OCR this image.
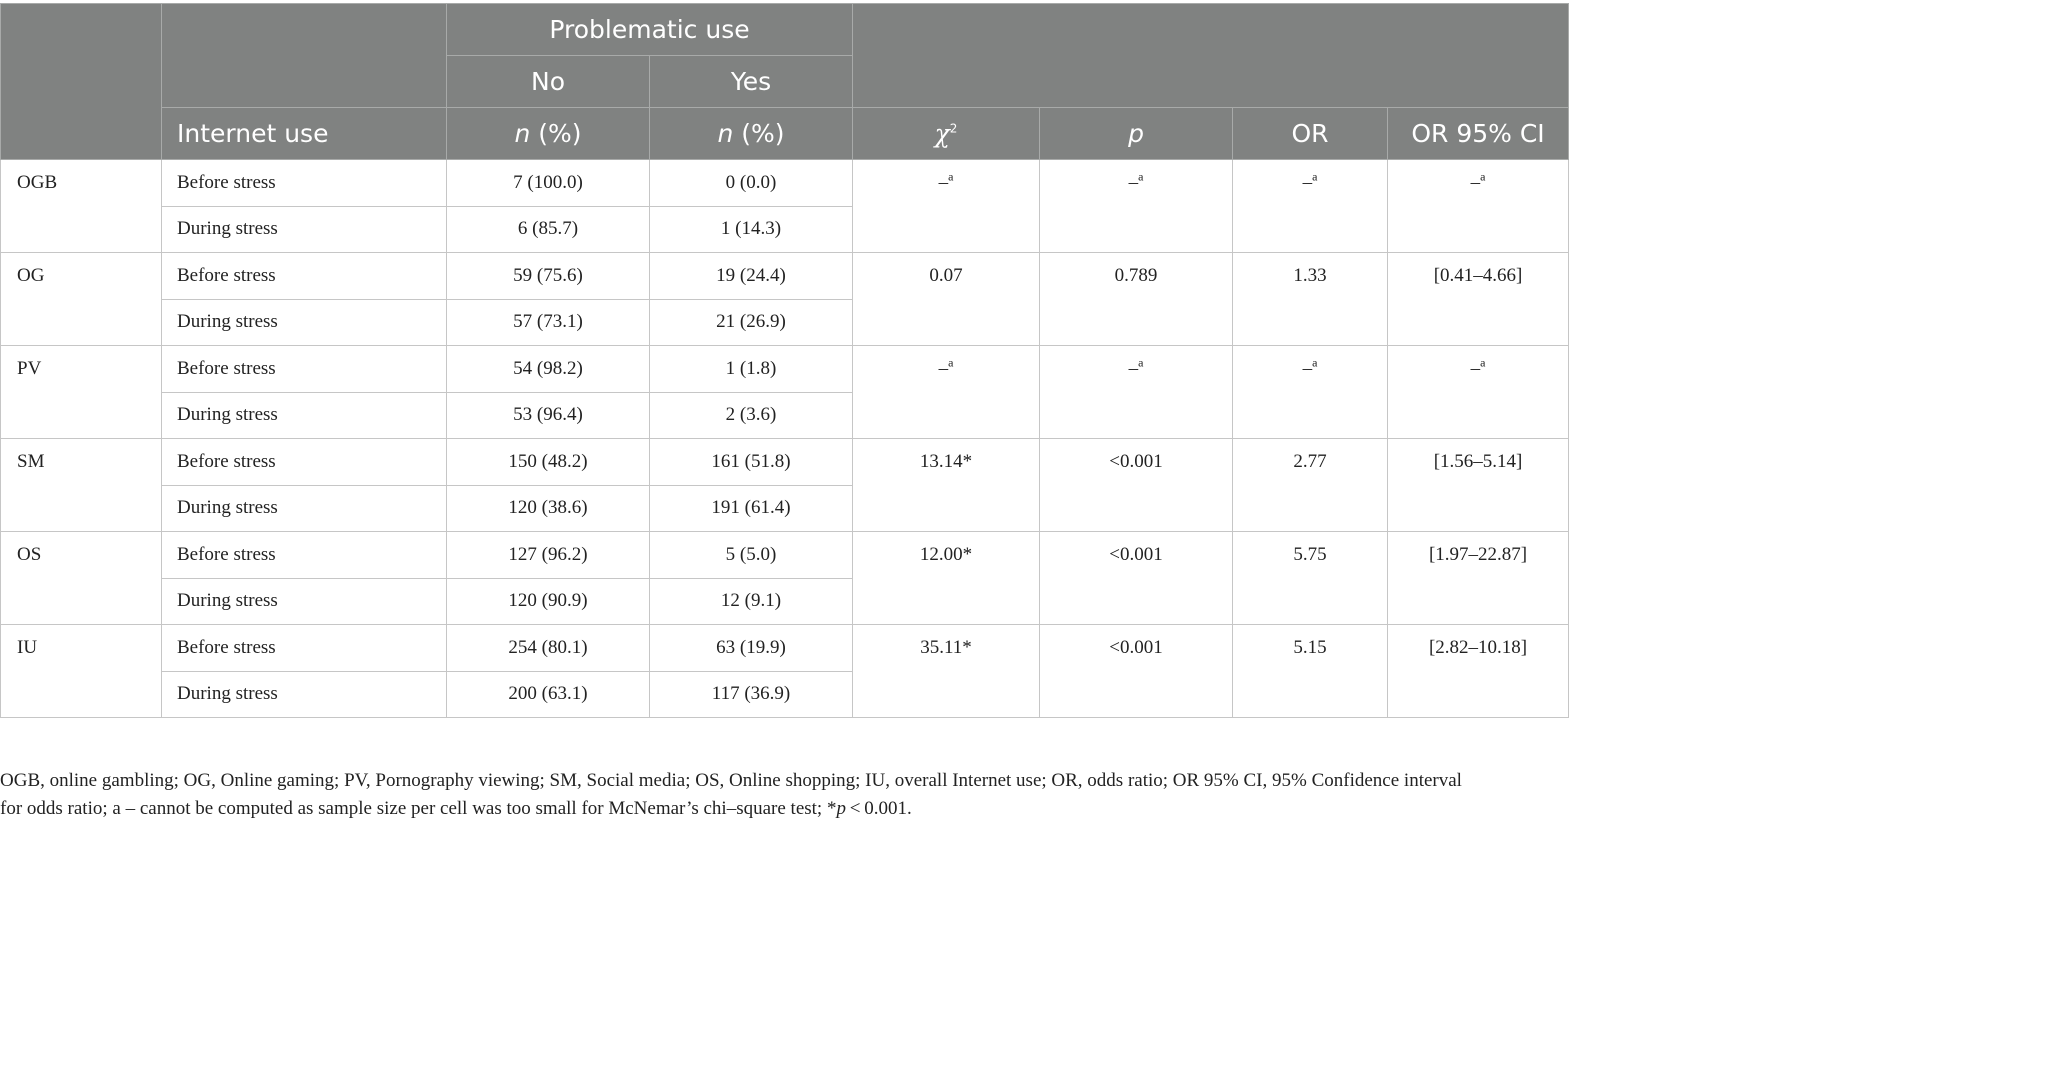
		Problematic use					
		No	Yes				
	Internet use	n (%)	n (%)	$\chi^2$	p	OR	OR 95% CI
OGB	Before stress	7 (100.0)	0 (0.0)	–$^a$	–$^a$	–$^a$	–$^a$
	During stress	6 (85.7)	1 (14.3)				
OG	Before stress	59 (75.6)	19 (24.4)	0.07	0.789	1.33	[0.41–4.66]
	During stress	57 (73.1)	21 (26.9)				
PV	Before stress	54 (98.2)	1 (1.8)	–$^a$	–$^a$	–$^a$	–$^a$
	During stress	53 (96.4)	2 (3.6)				
SM	Before stress	150 (48.2)	161 (51.8)	13.14*	<0.001	2.77	[1.56–5.14]
	During stress	120 (38.6)	191 (61.4)				
OS	Before stress	127 (96.2)	5 (5.0)	12.00*	<0.001	5.75	[1.97–22.87]
	During stress	120 (90.9)	12 (9.1)				
IU	Before stress	254 (80.1)	63 (19.9)	35.11*	<0.001	5.15	[2.82–10.18]
	During stress	200 (63.1)	117 (36.9)				

OGB, online gambling; OG, Online gaming; PV, Pornography viewing; SM, Social media; OS, Online shopping; IU, overall Internet use; OR, odds ratio; OR 95% CI, 95% Confidence interval
for odds ratio; a – cannot be computed as sample size per cell was too small for McNemar’s chi–square test; *p < 0.001.
